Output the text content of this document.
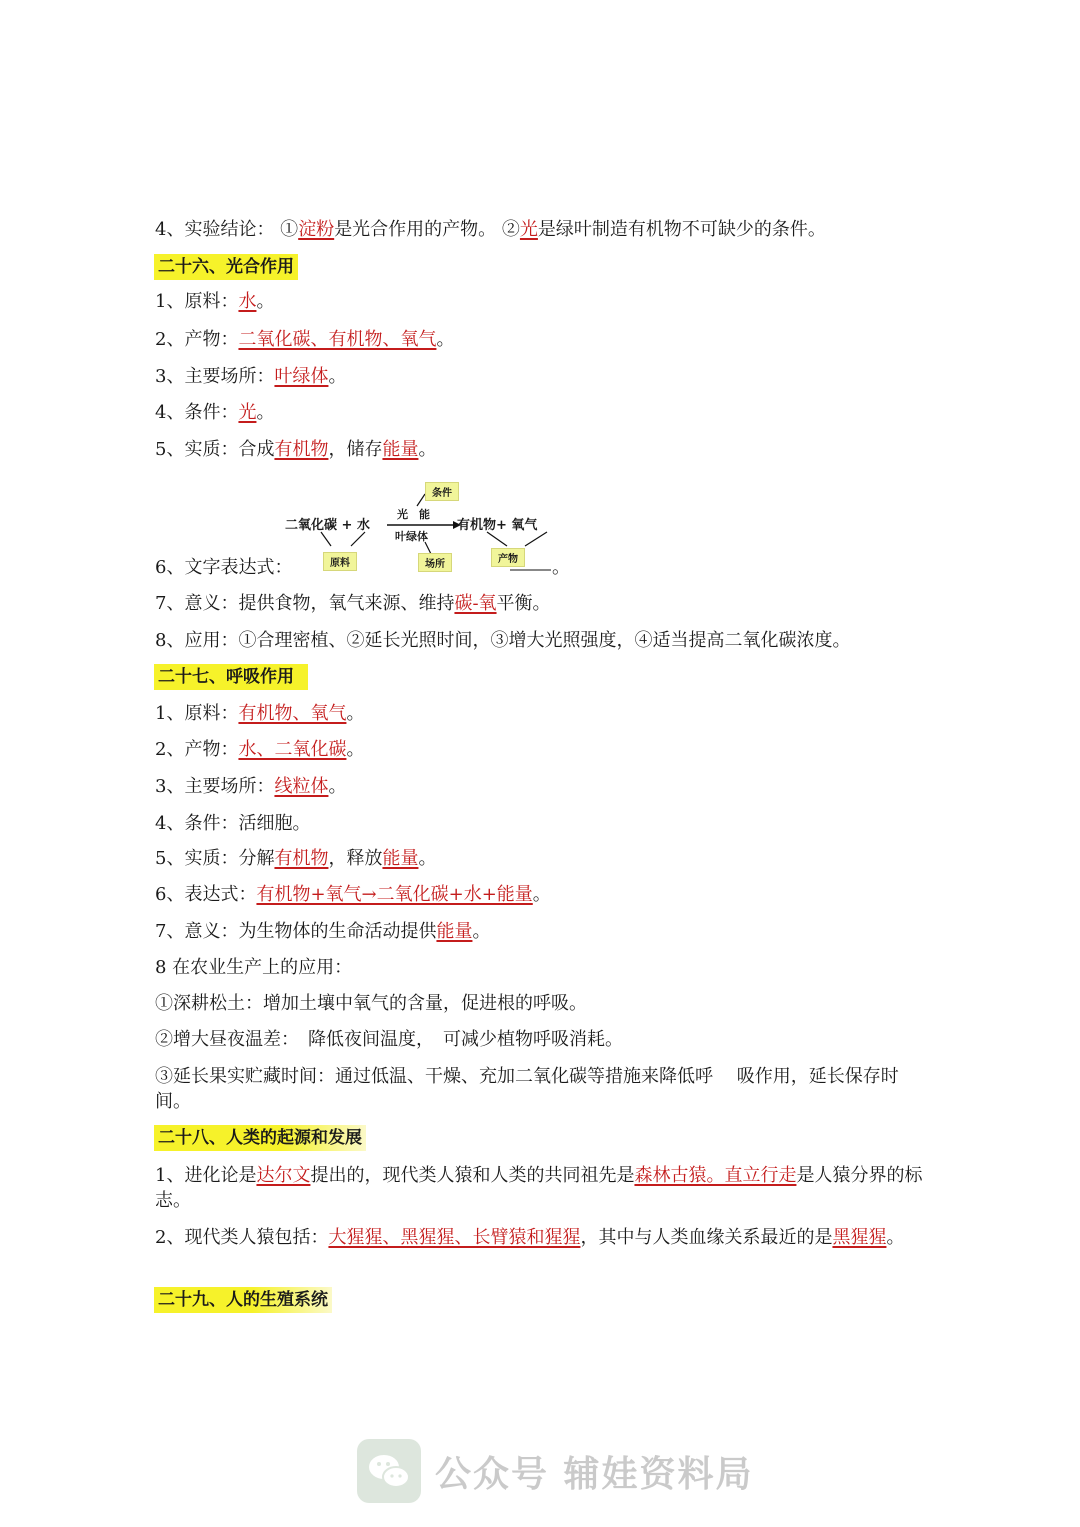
4、实验结论： ①淀粉是光合作用的产物。 ②光是绿叶制造有机物不可缺少的条件。
二十六、光合作用
1、原料：水。
2、产物：二氧化碳、有机物、氧气。
3、主要场所：叶绿体。
4、条件：光。
5、实质：合成有机物，储存能量。
二氧化碳 + 水
光　能
叶绿体
有机物+ 氧气
条件
原料	场所	产物
6、文字表达式：	。
7、意义：提供食物，氧气来源、维持碳-氧平衡。
8、应用：①合理密植、②延长光照时间，③增大光照强度，④适当提高二氧化碳浓度。
二十七、呼吸作用
1、原料：有机物、氧气。
2、产物：水、二氧化碳。
3、主要场所：线粒体。
4、条件：活细胞。
5、实质：分解有机物，释放能量。
6、表达式：有机物+氧气→二氧化碳+水+能量。
7、意义：为生物体的生命活动提供能量。
8 在农业生产上的应用：
①深耕松土：增加土壤中氧气的含量，促进根的呼吸。
②增大昼夜温差：　降低夜间温度，　可减少植物呼吸消耗。
③延长果实贮藏时间：通过低温、干燥、充加二氧化碳等措施来降低呼　 吸作用，延长保存时间。
二十八、人类的起源和发展
1、进化论是达尔文提出的，现代类人猿和人类的共同祖先是森林古猿。直立行走是人猿分界的标志。
2、现代类人猿包括：大猩猩、黑猩猩、长臂猿和猩猩，其中与人类血缘关系最近的是黑猩猩。
二十九、人的生殖系统
公众号 辅娃资料局
